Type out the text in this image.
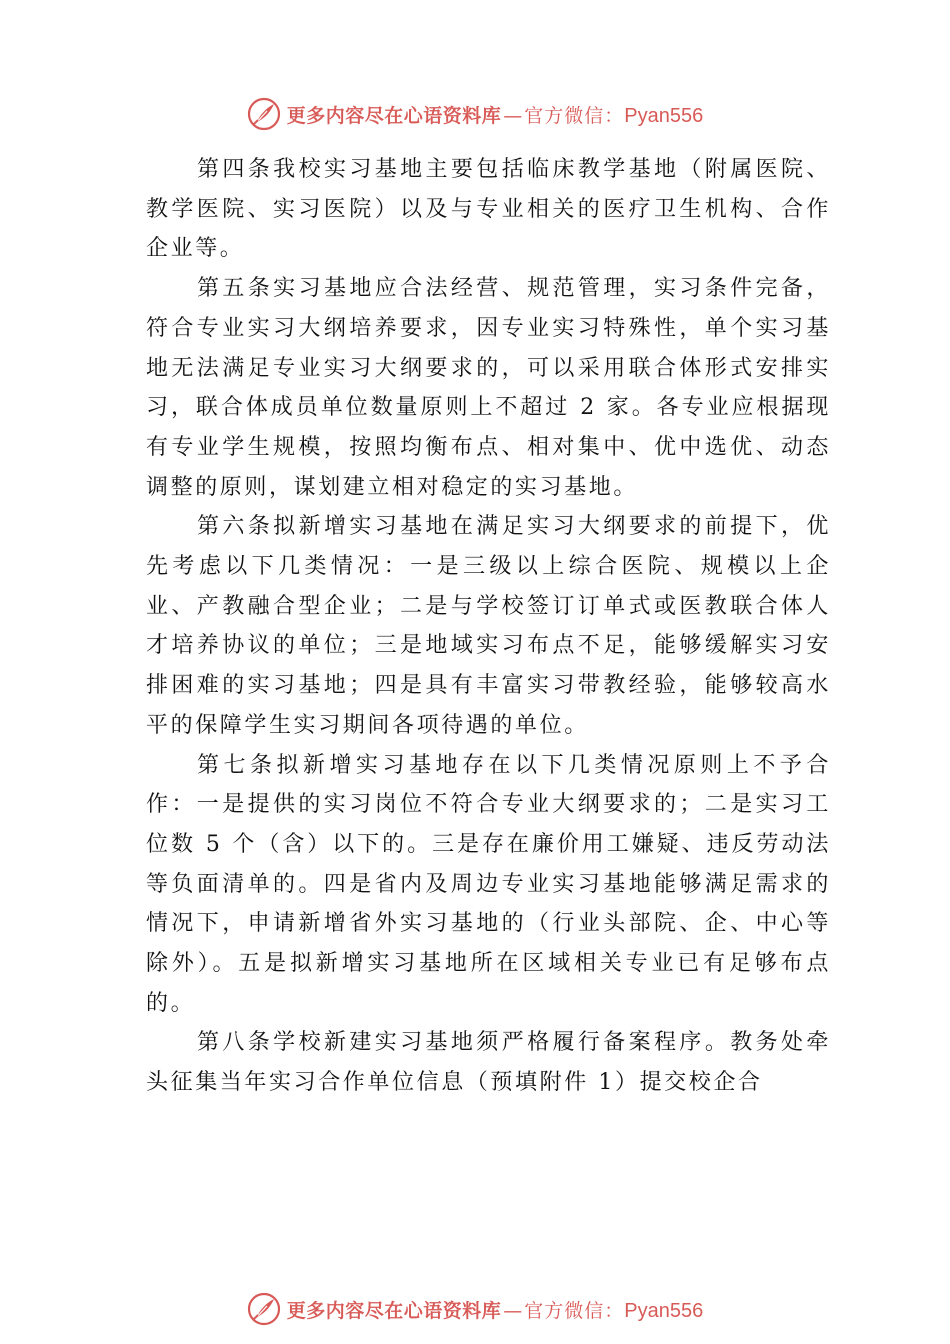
更多内容尽在心语资料库 — 官方微信： Pyan556

第四条我校实习基地主要包括临床教学基地（附属医院、教学医院、实习医院）以及与专业相关的医疗卫生机构、合作企业等。

第五条实习基地应合法经营、规范管理，实习条件完备，符合专业实习大纲培养要求，因专业实习特殊性，单个实习基地无法满足专业实习大纲要求的，可以采用联合体形式安排实习，联合体成员单位数量原则上不超过 2 家。各专业应根据现有专业学生规模，按照均衡布点、相对集中、优中选优、动态调整的原则，谋划建立相对稳定的实习基地。

第六条拟新增实习基地在满足实习大纲要求的前提下，优先考虑以下几类情况：一是三级以上综合医院、规模以上企业、产教融合型企业；二是与学校签订订单式或医教联合体人才培养协议的单位；三是地域实习布点不足，能够缓解实习安排困难的实习基地；四是具有丰富实习带教经验，能够较高水平的保障学生实习期间各项待遇的单位。

第七条拟新增实习基地存在以下几类情况原则上不予合作：一是提供的实习岗位不符合专业大纲要求的；二是实习工位数 5 个（含）以下的。三是存在廉价用工嫌疑、违反劳动法等负面清单的。四是省内及周边专业实习基地能够满足需求的情况下，申请新增省外实习基地的（行业头部院、企、中心等除外）。五是拟新增实习基地所在区域相关专业已有足够布点的。

第八条学校新建实习基地须严格履行备案程序。教务处牵头征集当年实习合作单位信息（预填附件 1）提交校企合

更多内容尽在心语资料库 — 官方微信： Pyan556
